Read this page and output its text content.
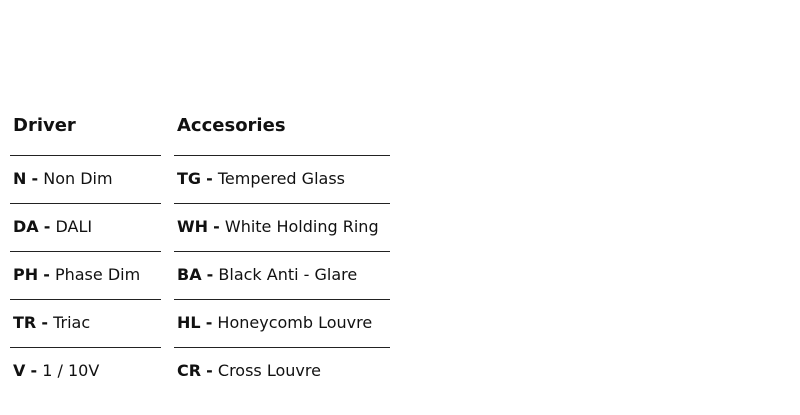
Driver
N - Non Dim
DA - DALI
PH - Phase Dim
TR - Triac
V - 1 / 10V
Accesories
TG - Tempered Glass
WH - White Holding Ring
BA - Black Anti - Glare
HL - Honeycomb Louvre
CR - Cross Louvre
